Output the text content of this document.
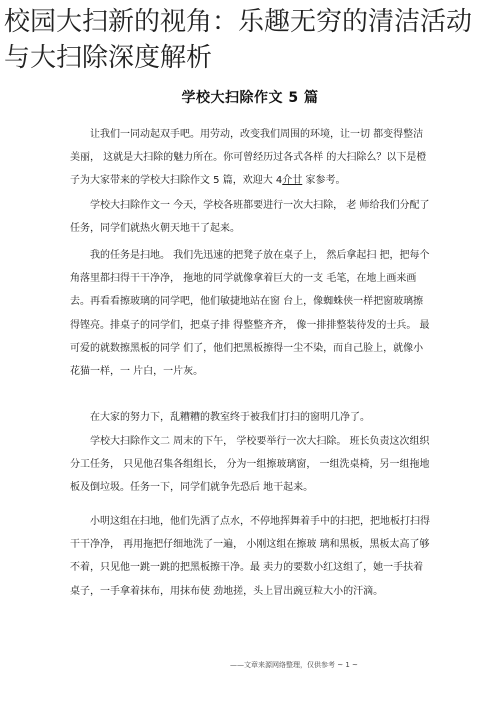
校园大扫新的视角：乐趣无穷的清洁活动与大扫除深度解析
学校大扫除作文 5 篇

让我们一同动起双手吧。用劳动，改变我们周围的环境，让一切 都变得整洁美丽， 这就是大扫除的魅力所在。你可曾经历过各式各样 的大扫除么？以下是橙子为大家带来的学校大扫除作文 5 篇，欢迎大 4介廿 家参考。

学校大扫除作文一 今天，学校各班都要进行一次大扫除， 老 师给我们分配了任务，同学们就热火朝天地干了起来。

我的任务是扫地。 我们先迅速的把凳子放在桌子上， 然后拿起扫 把，把每个角落里都扫得干干净净， 拖地的同学就像拿着巨大的一支 毛笔，在地上画来画去。再看看擦玻璃的同学吧，他们敏捷地站在窗 台上，像蜘蛛侠一样把窗玻璃擦得铿亮。排桌子的同学们，把桌子排 得整整齐齐， 像一排排整装待发的士兵。 最可爱的就数擦黑板的同学 们了，他们把黑板擦得一尘不染，而自己脸上，就像小花猫一样，一 片白，一片灰。

在大家的努力下，乱糟糟的教室终于被我们打扫的窗明几净了。

学校大扫除作文二 周末的下午， 学校要举行一次大扫除。 班长负责这次组织分工任务， 只见他召集各组组长， 分为一组擦玻璃窗， 一组洗桌椅，另一组拖地板及倒垃圾。任务一下，同学们就争先恐后 地干起来。

小明这组在扫地，他们先洒了点水，不停地挥舞着手中的扫把，把地板打扫得干干净净， 再用拖把仔细地洗了一遍， 小刚这组在擦玻 璃和黑板，黑板太高了够不着，只见他一跳一跳的把黑板擦干净。最 卖力的要数小红这组了，她一手扶着桌子，一手拿着抹布，用抹布使 劲地搓，头上冒出豌豆粒大小的汗滴。

——文章来源网络整理，仅供参考 ~ 1 ~
